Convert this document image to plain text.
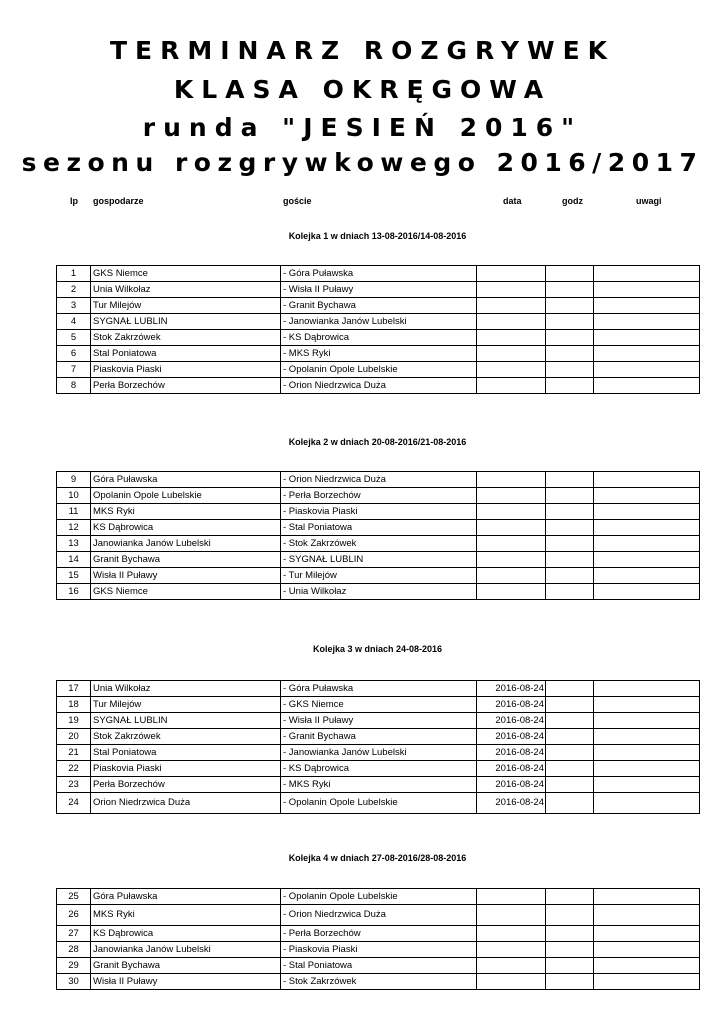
TERMINARZ ROZGRYWEK
KLASA OKRĘGOWA
runda "JESIEŃ 2016"
sezonu rozgrywkowego 2016/2017
lp gospodarze	goście	data	godz	uwagi
Kolejka 1 w dniach 13-08-2016/14-08-2016
1	GKS Niemce	- Góra Puławska			
2	Unia Wilkołaz	- Wisła II Puławy			
3	Tur Milejów	- Granit Bychawa			
4	SYGNAŁ LUBLIN	- Janowianka Janów Lubelski			
5	Stok Zakrzówek	- KS Dąbrowica			
6	Stal Poniatowa	- MKS Ryki			
7	Piaskovia Piaski	- Opolanin Opole Lubelskie			
8	Perła Borzechów	- Orion Niedrzwica Duża			
Kolejka 2 w dniach 20-08-2016/21-08-2016
9	Góra Puławska	- Orion Niedrzwica Duża			
10	Opolanin Opole Lubelskie	- Perła Borzechów			
11	MKS Ryki	- Piaskovia Piaski			
12	KS Dąbrowica	- Stal Poniatowa			
13	Janowianka Janów Lubelski	- Stok Zakrzówek			
14	Granit Bychawa	- SYGNAŁ LUBLIN			
15	Wisła II Puławy	- Tur Milejów			
16	GKS Niemce	- Unia Wilkołaz			
Kolejka 3 w dniach 24-08-2016
17	Unia Wilkołaz	- Góra Puławska	2016-08-24		
18	Tur Milejów	- GKS Niemce	2016-08-24		
19	SYGNAŁ LUBLIN	- Wisła II Puławy	2016-08-24		
20	Stok Zakrzówek	- Granit Bychawa	2016-08-24		
21	Stal Poniatowa	- Janowianka Janów Lubelski	2016-08-24		
22	Piaskovia Piaski	- KS Dąbrowica	2016-08-24		
23	Perła Borzechów	- MKS Ryki	2016-08-24		
24	Orion Niedrzwica Duża	- Opolanin Opole Lubelskie	2016-08-24		
Kolejka 4 w dniach 27-08-2016/28-08-2016
25	Góra Puławska	- Opolanin Opole Lubelskie			
26	MKS Ryki	- Orion Niedrzwica Duża			
27	KS Dąbrowica	- Perła Borzechów			
28	Janowianka Janów Lubelski	- Piaskovia Piaski			
29	Granit Bychawa	- Stal Poniatowa			
30	Wisła II Puławy	- Stok Zakrzówek			
